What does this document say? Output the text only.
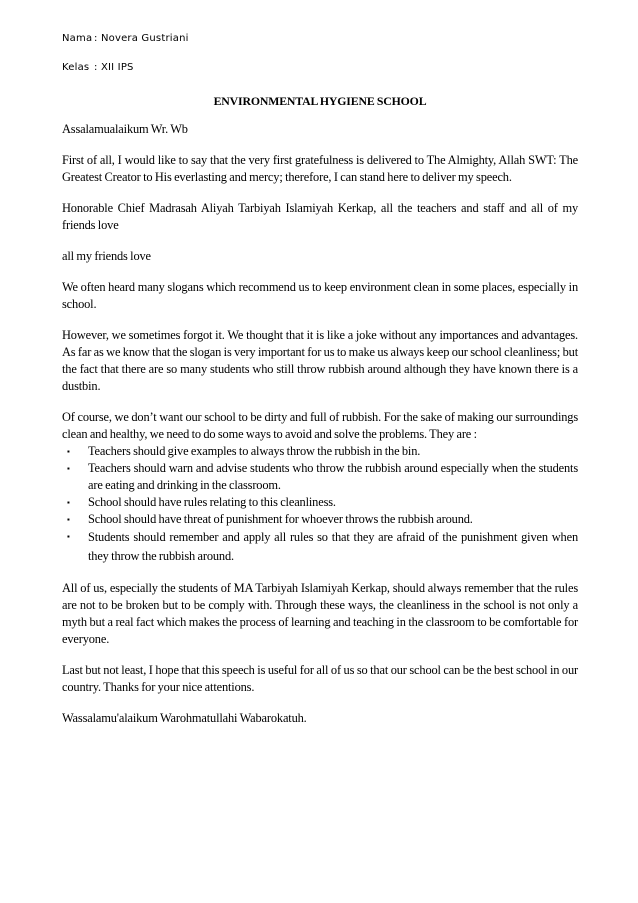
Nama : Novera Gustriani
Kelas : XII IPS
ENVIRONMENTAL HYGIENE SCHOOL

Assalamualaikum Wr. Wb

First of all, I would like to say that the very first gratefulness is delivered to The Almighty, Allah SWT: The Greatest Creator to His everlasting and mercy; therefore, I can stand here to deliver my speech.

Honorable Chief Madrasah Aliyah Tarbiyah Islamiyah Kerkap, all the teachers and staff and all of my friends love

all my friends love

We often heard many slogans which recommend us to keep environment clean in some places, especially in school.

However, we sometimes forgot it. We thought that it is like a joke without any importances and advantages. As far as we know that the slogan is very important for us to make us always keep our school cleanliness; but the fact that there are so many students who still throw rubbish around although they have known there is a dustbin.

Of course, we don’t want our school to be dirty and full of rubbish. For the sake of making our surroundings clean and healthy, we need to do some ways to avoid and solve the problems. They are :

▪ Teachers should give examples to always throw the rubbish in the bin.
▪ Teachers should warn and advise students who throw the rubbish around especially when the students are eating and drinking in the classroom.
▪ School should have rules relating to this cleanliness.
▪ School should have threat of punishment for whoever throws the rubbish around.
▪ Students should remember and apply all rules so that they are afraid of the punishment given when they throw the rubbish around.

All of us, especially the students of MA Tarbiyah Islamiyah Kerkap, should always remember that the rules are not to be broken but to be comply with. Through these ways, the cleanliness in the school is not only a myth but a real fact which makes the process of learning and teaching in the classroom to be comfortable for everyone.

Last but not least, I hope that this speech is useful for all of us so that our school can be the best school in our country. Thanks for your nice attentions.

Wassalamu'alaikum Warohmatullahi Wabarokatuh.
